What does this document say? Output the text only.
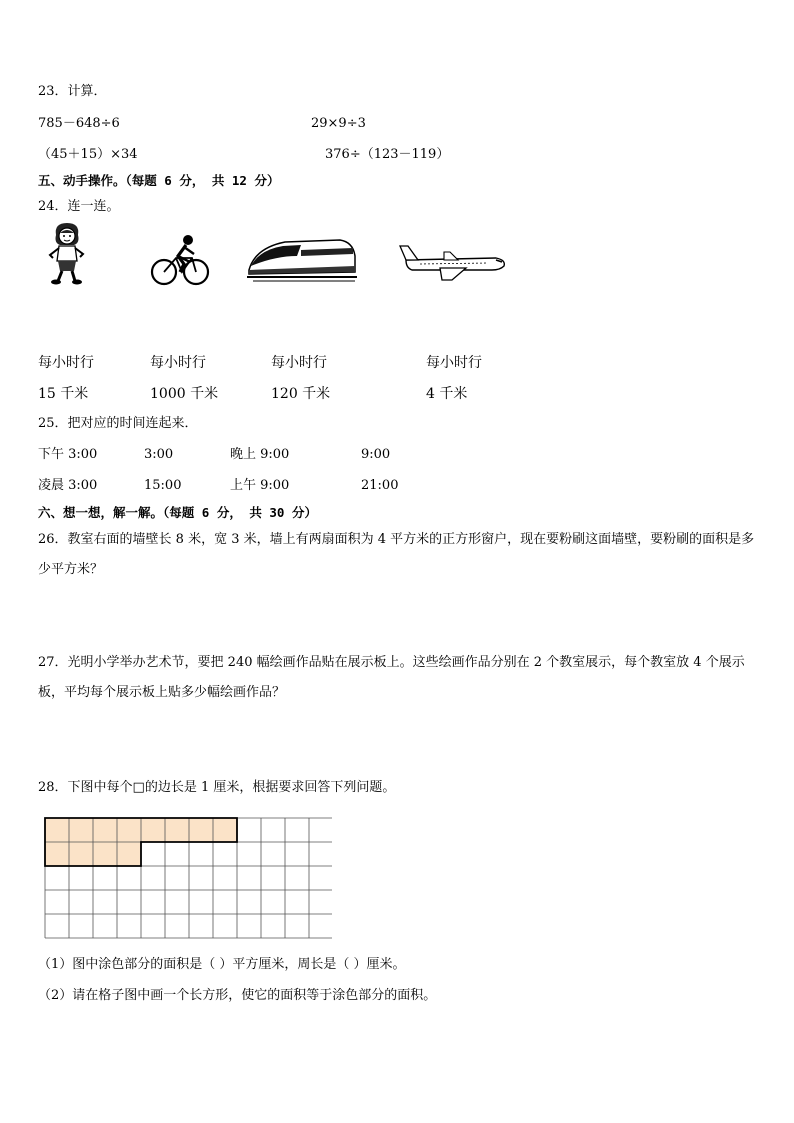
23．计算．
785－648÷6	29×9÷3
（45＋15）×34	376÷（123－119）
五、动手操作。（每题 6 分， 共 12 分）
24．连一连。
每小时行	每小时行	每小时行	每小时行
15 千米	1000 千米	120 千米	4 千米
25．把对应的时间连起来．
下午 3:00	3:00	晚上 9:00	9:00
凌晨 3:00	15:00	上午 9:00	21:00
六、想一想，解一解。（每题 6 分， 共 30 分）
26．教室右面的墙壁长 8 米，宽 3 米，墙上有两扇面积为 4 平方米的正方形窗户，现在要粉刷这面墙壁，要粉刷的面积是多少平方米？
27．光明小学举办艺术节，要把 240 幅绘画作品贴在展示板上。这些绘画作品分别在 2 个教室展示，每个教室放 4 个展示板，平均每个展示板上贴多少幅绘画作品？
28．下图中每个□的边长是 1 厘米，根据要求回答下列问题。
（1）图中涂色部分的面积是（ ）平方厘米，周长是（ ）厘米。
（2）请在格子图中画一个长方形，使它的面积等于涂色部分的面积。
